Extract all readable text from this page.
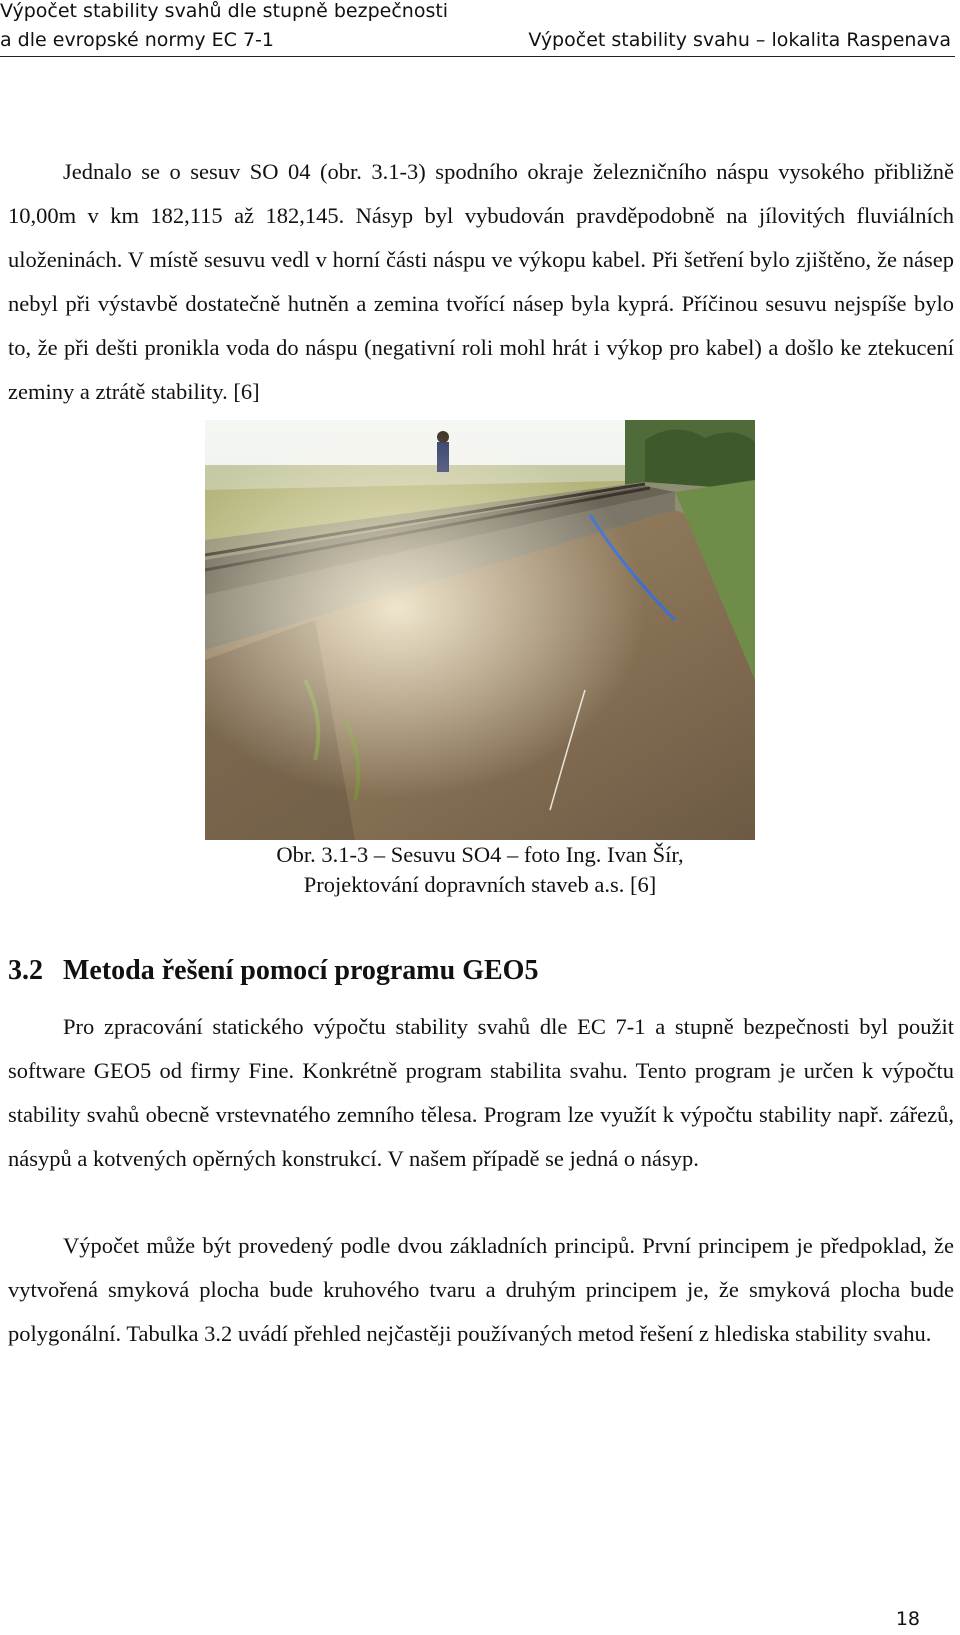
Výpočet stability svahů dle stupně bezpečnosti
a dle evropské normy EC 7-1	Výpočet stability svahu – lokalita Raspenava

Jednalo se o sesuv SO 04 (obr. 3.1-3) spodního okraje železničního náspu vysokého přibližně 10,00m v km 182,115 až 182,145. Násyp byl vybudován pravděpodobně na jílovitých fluviálních uloženinách. V místě sesuvu vedl v horní části náspu ve výkopu kabel. Při šetření bylo zjištěno, že násep nebyl při výstavbě dostatečně hutněn a zemina tvořící násep byla kyprá. Příčinou sesuvu nejspíše bylo to, že při dešti pronikla voda do náspu (negativní roli mohl hrát i výkop pro kabel) a došlo ke ztekucení zeminy a ztrátě stability. [6]

Obr. 3.1-3 – Sesuvu SO4 – foto Ing. Ivan Šír,
Projektování dopravních staveb a.s. [6]
3.2 Metoda řešení pomocí programu GEO5

Pro zpracování statického výpočtu stability svahů dle EC 7-1 a stupně bezpečnosti byl použit software GEO5 od firmy Fine. Konkrétně program stabilita svahu. Tento program je určen k výpočtu stability svahů obecně vrstevnatého zemního tělesa. Program lze využít k výpočtu stability např. zářezů, násypů a kotvených opěrných konstrukcí. V našem případě se jedná o násyp.

Výpočet může být provedený podle dvou základních principů. První principem je předpoklad, že vytvořená smyková plocha bude kruhového tvaru a druhým principem je, že smyková plocha bude polygonální. Tabulka 3.2 uvádí přehled nejčastěji používaných metod řešení z hlediska stability svahu.

18
